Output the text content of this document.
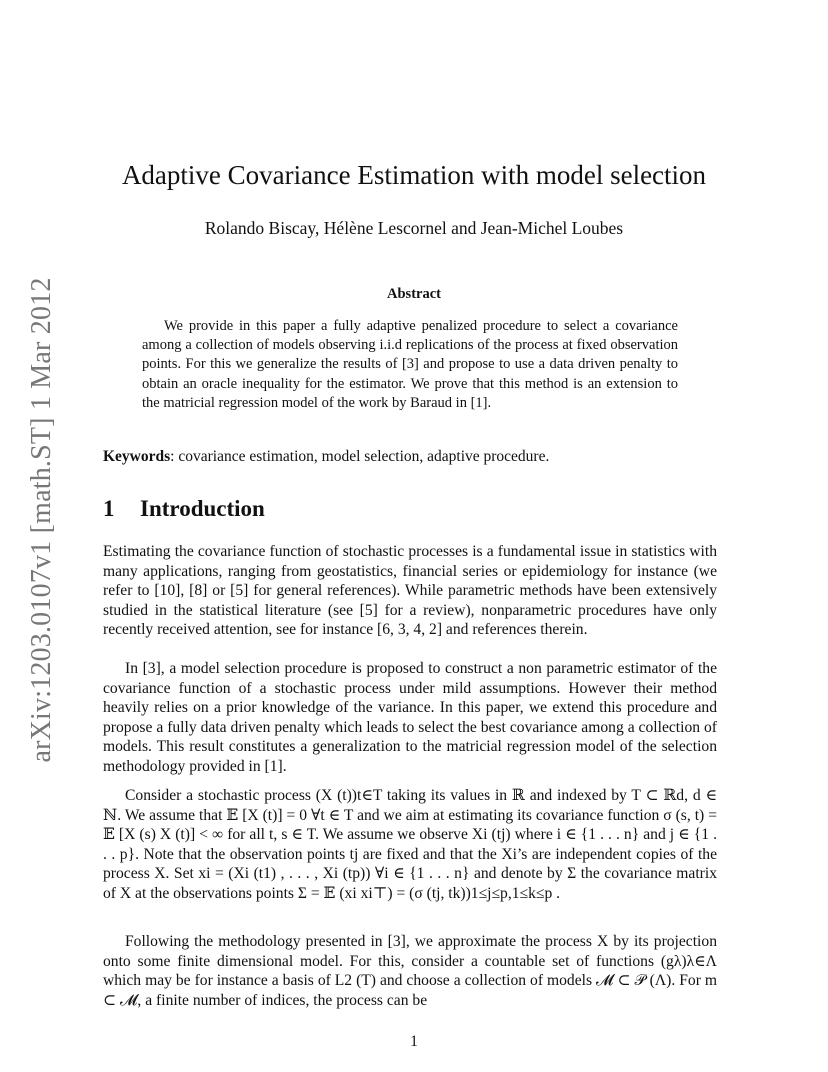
arXiv:1203.0107v1 [math.ST] 1 Mar 2012
Adaptive Covariance Estimation with model selection
Rolando Biscay, Hélène Lescornel and Jean-Michel Loubes
Abstract

We provide in this paper a fully adaptive penalized procedure to select a covariance among a collection of models observing i.i.d replications of the process at fixed observation points. For this we generalize the results of [3] and propose to use a data driven penalty to obtain an oracle inequality for the estimator. We prove that this method is an extension to the matricial regression model of the work by Baraud in [1].

Keywords: covariance estimation, model selection, adaptive procedure.

1 Introduction

Estimating the covariance function of stochastic processes is a fundamental issue in statistics with many applications, ranging from geostatistics, financial series or epidemiology for instance (we refer to [10], [8] or [5] for general references). While parametric methods have been extensively studied in the statistical literature (see [5] for a review), nonparametric procedures have only recently received attention, see for instance [6, 3, 4, 2] and references therein.

In [3], a model selection procedure is proposed to construct a non parametric estimator of the covariance function of a stochastic process under mild assumptions. However their method heavily relies on a prior knowledge of the variance. In this paper, we extend this procedure and propose a fully data driven penalty which leads to select the best covariance among a collection of models. This result constitutes a generalization to the matricial regression model of the selection methodology provided in [1].

Consider a stochastic process (X (t))t∈T taking its values in ℝ and indexed by T ⊂ ℝd, d ∈ ℕ. We assume that 𝔼 [X (t)] = 0 ∀t ∈ T and we aim at estimating its covariance function σ (s, t) = 𝔼 [X (s) X (t)] < ∞ for all t, s ∈ T. We assume we observe Xi (tj) where i ∈ {1 . . . n} and j ∈ {1 . . . p}. Note that the observation points tj are fixed and that the Xi’s are independent copies of the process X. Set xi = (Xi (t1) , . . . , Xi (tp)) ∀i ∈ {1 . . . n} and denote by Σ the covariance matrix of X at the observations points Σ = 𝔼 (xi xi⊤) = (σ (tj, tk))1≤j≤p,1≤k≤p .

Following the methodology presented in [3], we approximate the process X by its projection onto some finite dimensional model. For this, consider a countable set of functions (gλ)λ∈Λ which may be for instance a basis of L2 (T) and choose a collection of models 𝓜 ⊂ 𝒫 (Λ). For m ⊂ 𝓜, a finite number of indices, the process can be

1
